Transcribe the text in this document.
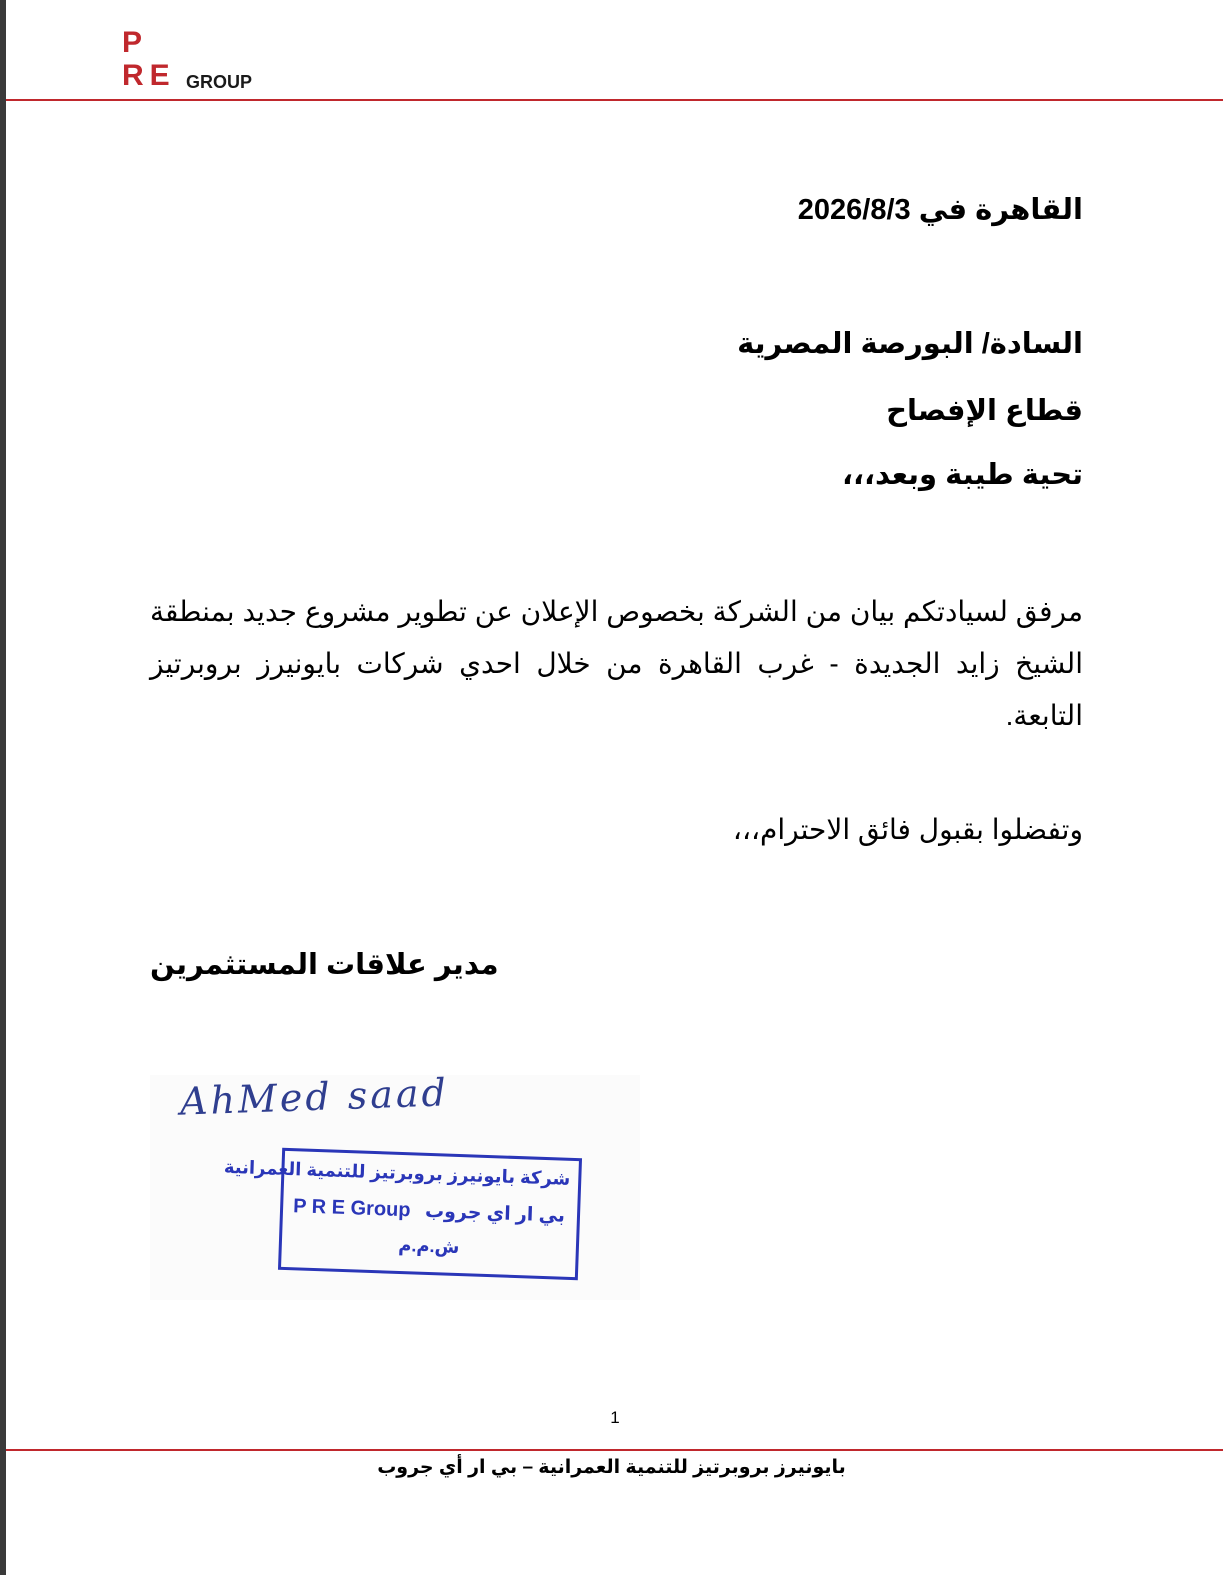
P
RE GROUP
القاهرة في 2026/8/3
السادة/ البورصة المصرية
قطاع الإفصاح
تحية طيبة وبعد،،،
مرفق لسيادتكم بيان من الشركة بخصوص الإعلان عن تطوير مشروع جديد بمنطقة الشيخ زايد الجديدة - غرب القاهرة من خلال احدي شركات بايونيرز بروبرتيز التابعة.
وتفضلوا بقبول فائق الاحترام،،،
مدير علاقات المستثمرين
AhMed saad
شركة بايونيرز بروبرتيز للتنمية العمرانية
P R E Group بي ار اي جروب
ش.م.م
1
بايونيرز بروبرتيز للتنمية العمرانية – بي ار أي جروب
